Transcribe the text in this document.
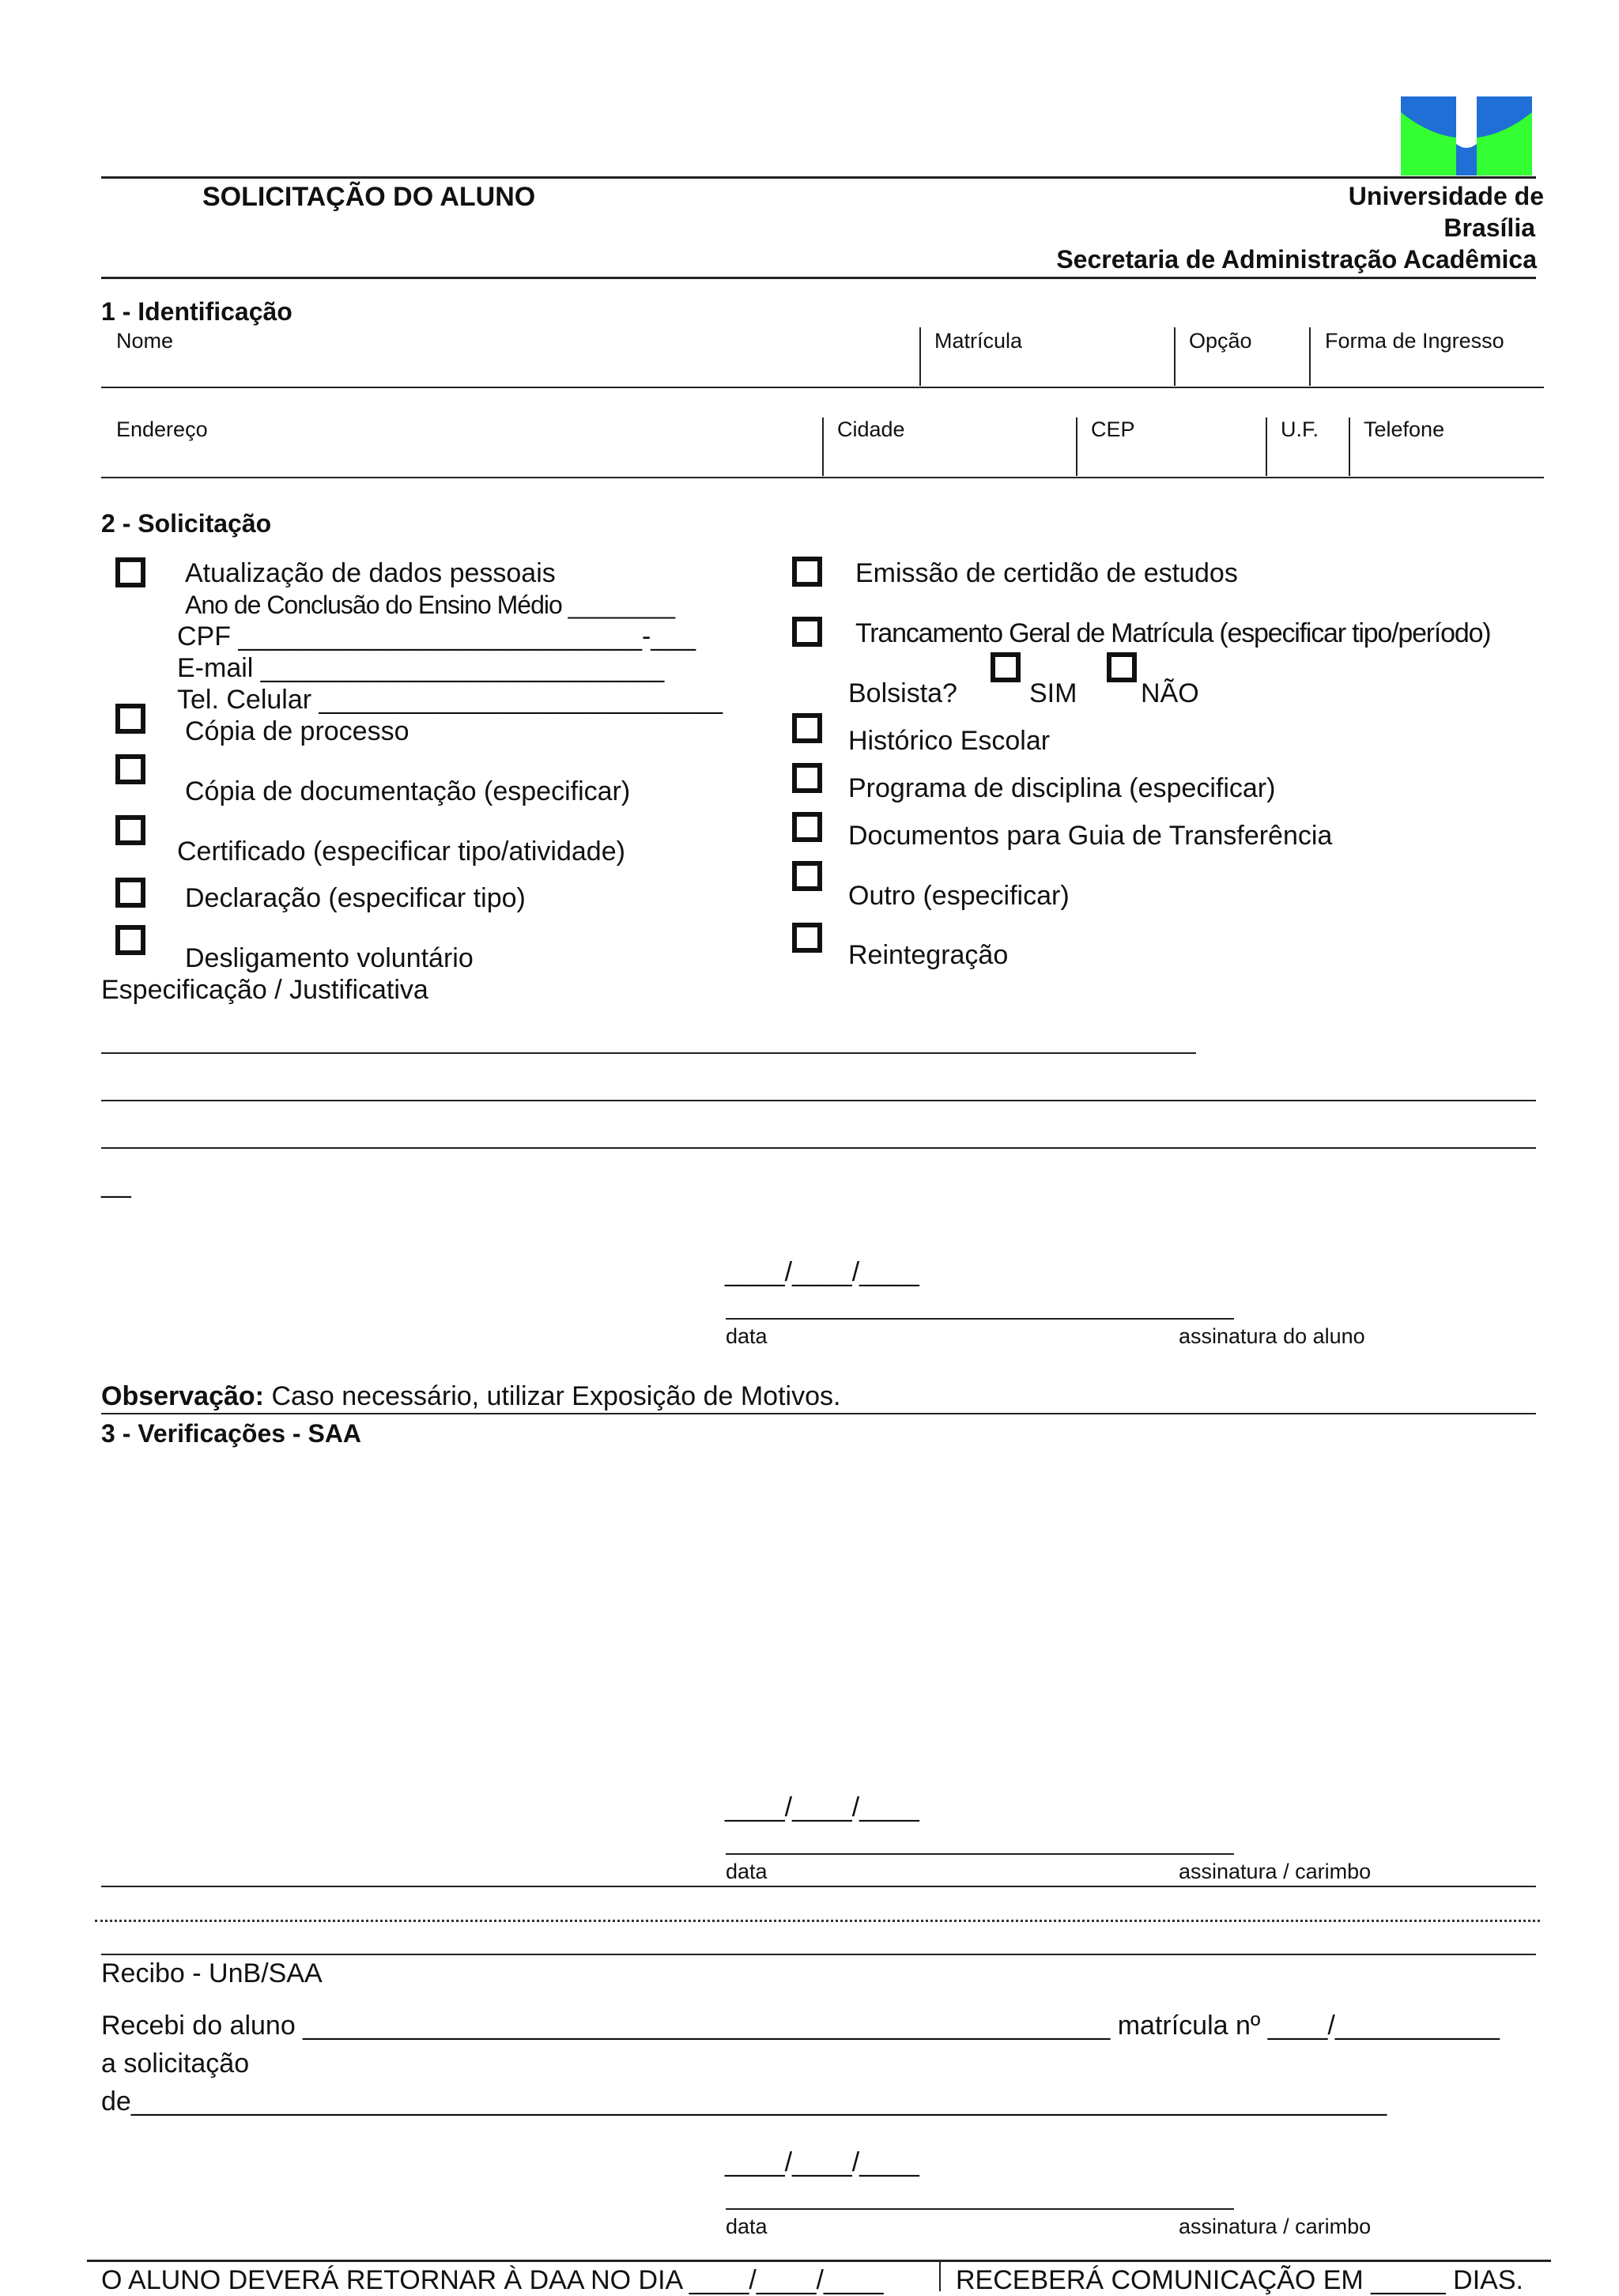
SOLICITAÇÃO DO ALUNO	Universidade de
Brasília
Secretaria de Administração Acadêmica
1 - Identificação
Nome	Matrícula	Opção	Forma de Ingresso
Endereço	Cidade	CEP	U.F. Telefone
2 - Solicitação
Atualização de dados pessoais
Ano de Conclusão do Ensino Médio ________
CPF ___________________________-___
E-mail ___________________________
Tel. Celular ___________________________
Cópia de processo
Cópia de documentação (especificar)
Certificado (especificar tipo/atividade)
Declaração (especificar tipo)
Desligamento voluntário
Emissão de certidão de estudos
Trancamento Geral de Matrícula (especificar tipo/período)
Bolsista?	SIM NÃO
Histórico Escolar
Programa de disciplina (especificar)
Documentos para Guia de Transferência
Outro (especificar)
Reintegração
Especificação / Justificativa
__
____/____/____
data	assinatura do aluno
Observação: Caso necessário, utilizar Exposição de Motivos.
3 - Verificações - SAA
____/____/____
data	assinatura / carimbo
Recibo - UnB/SAA
Recebi do aluno ______________________________________________________ matrícula nº ____/___________
a solicitação
de____________________________________________________________________________________
____/____/____
data	assinatura / carimbo
O ALUNO DEVERÁ RETORNAR À DAA NO DIA ____/____/____	RECEBERÁ COMUNICAÇÃO EM _____ DIAS.
